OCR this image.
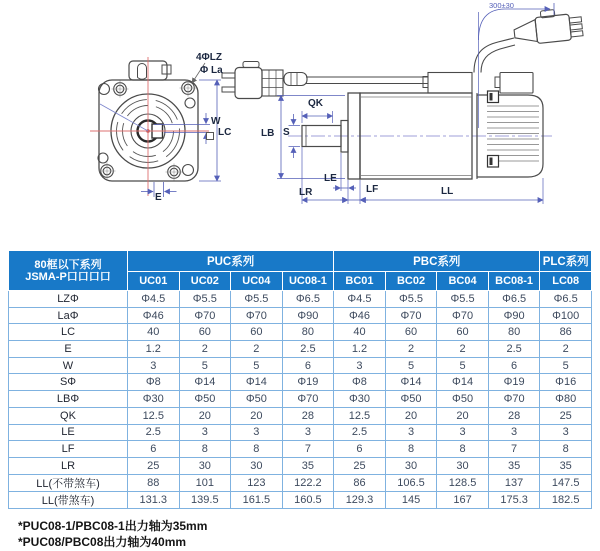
4ΦLZ
Φ La
W
LC
E
QK
S
LB
LE
LR	LF	LL
300±30
80框以下系列
JSMA-P口口口口	PUC系列				PBC系列				PLC系列
	UC01	UC02	UC04	UC08-1	BC01	BC02	BC04	BC08-1	LC08
LZΦ	Φ4.5	Φ5.5	Φ5.5	Φ6.5	Φ4.5	Φ5.5	Φ5.5	Φ6.5	Φ6.5
LaΦ	Φ46	Φ70	Φ70	Φ90	Φ46	Φ70	Φ70	Φ90	Φ100
LC	40	60	60	80	40	60	60	80	86
E	1.2	2	2	2.5	1.2	2	2	2.5	2
W	3	5	5	6	3	5	5	6	5
SΦ	Φ8	Φ14	Φ14	Φ19	Φ8	Φ14	Φ14	Φ19	Φ16
LBΦ	Φ30	Φ50	Φ50	Φ70	Φ30	Φ50	Φ50	Φ70	Φ80
QK	12.5	20	20	28	12.5	20	20	28	25
LE	2.5	3	3	3	2.5	3	3	3	3
LF	6	8	8	7	6	8	8	7	8
LR	25	30	30	35	25	30	30	35	35
LL(不带煞车)	88	101	123	122.2	86	106.5	128.5	137	147.5
LL(带煞车)	131.3	139.5	161.5	160.5	129.3	145	167	175.3	182.5
*PUC08-1/PBC08-1出力轴为35mm
*PUC08/PBC08出力轴为40mm
